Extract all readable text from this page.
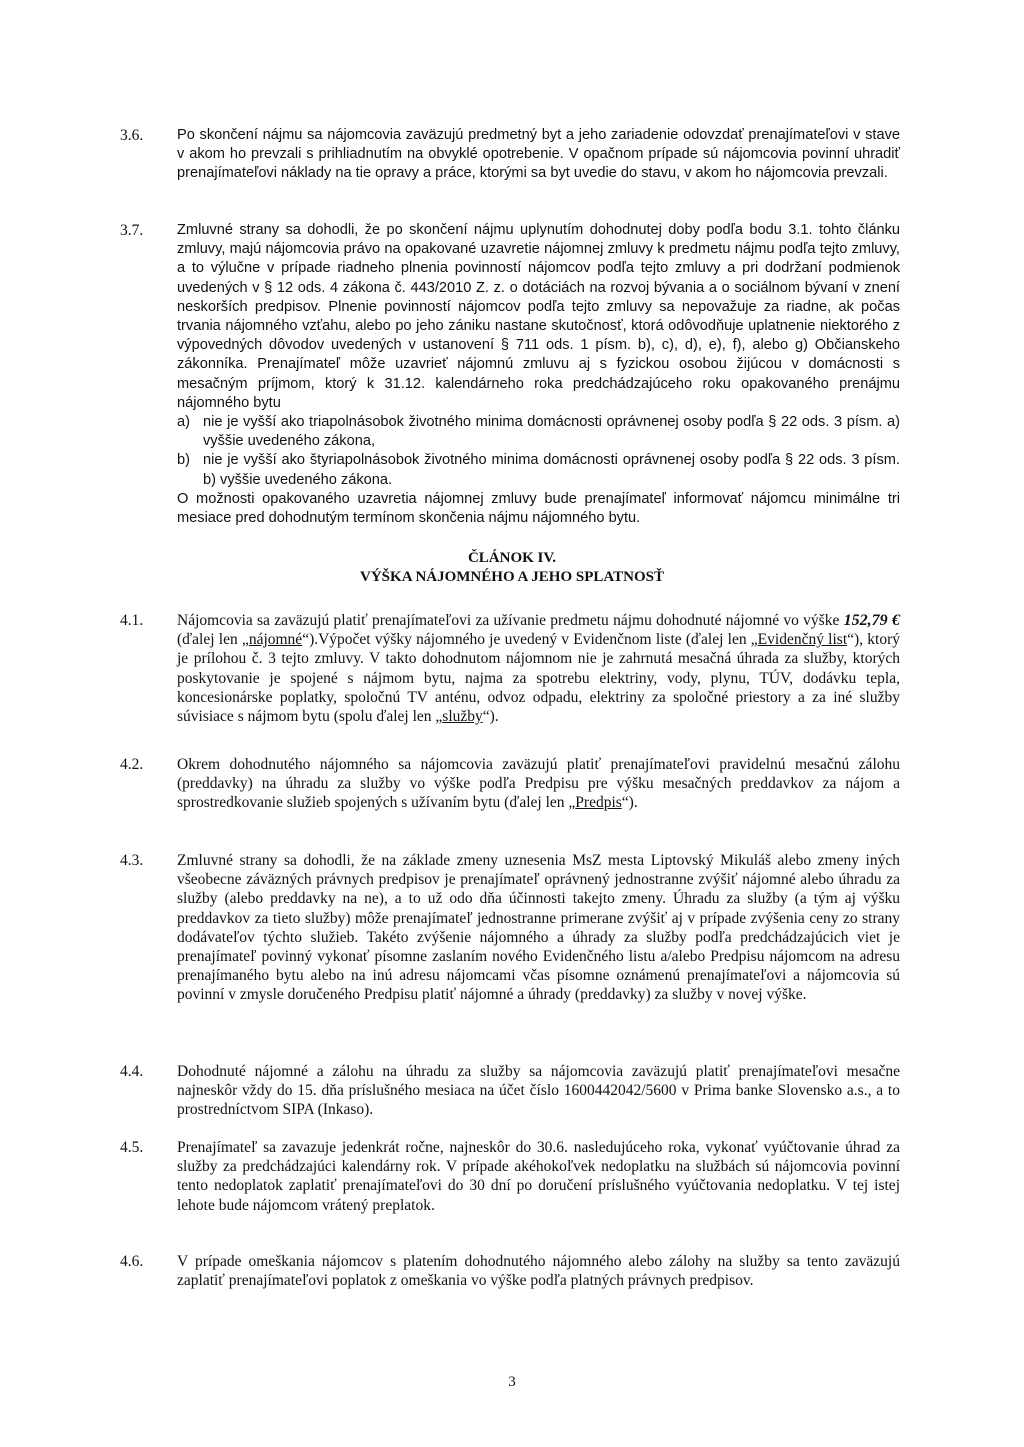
3.6.	Po skončení nájmu sa nájomcovia zaväzujú predmetný byt a jeho zariadenie odovzdať prenajímateľovi v stave v akom ho prevzali s prihliadnutím na obvyklé opotrebenie. V opačnom prípade sú nájomcovia povinní uhradiť prenajímateľovi náklady na tie opravy a práce, ktorými sa byt uvedie do stavu, v akom ho nájomcovia prevzali.
3.7.	Zmluvné strany sa dohodli, že po skončení nájmu uplynutím dohodnutej doby podľa bodu 3.1. tohto článku zmluvy, majú nájomcovia právo na opakované uzavretie nájomnej zmluvy k predmetu nájmu podľa tejto zmluvy, a to výlučne v prípade riadneho plnenia povinností nájomcov podľa tejto zmluvy a pri dodržaní podmienok uvedených v § 12 ods. 4 zákona č. 443/2010 Z. z. o dotáciách na rozvoj bývania a o sociálnom bývaní v znení neskorších predpisov. Plnenie povinností nájomcov podľa tejto zmluvy sa nepovažuje za riadne, ak počas trvania nájomného vzťahu, alebo po jeho zániku nastane skutočnosť, ktorá odôvodňuje uplatnenie niektorého z výpovedných dôvodov uvedených v ustanovení § 711 ods. 1 písm. b), c), d), e), f), alebo g) Občianskeho zákonníka. Prenajímateľ môže uzavrieť nájomnú zmluvu aj s fyzickou osobou žijúcou v domácnosti s mesačným príjmom, ktorý k 31.12. kalendárneho roka predchádzajúceho roku opakovaného prenájmu nájomného bytu
a) nie je vyšší ako triapolnásobok životného minima domácnosti oprávnenej osoby podľa § 22 ods. 3 písm. a) vyššie uvedeného zákona,
b) nie je vyšší ako štyriapolnásobok životného minima domácnosti oprávnenej osoby podľa § 22 ods. 3 písm. b) vyššie uvedeného zákona.
O možnosti opakovaného uzavretia nájomnej zmluvy bude prenajímateľ informovať nájomcu minimálne tri mesiace pred dohodnutým termínom skončenia nájmu nájomného bytu.
ČLÁNOK IV.
VÝŠKA NÁJOMNÉHO A JEHO SPLATNOSŤ
4.1.	Nájomcovia sa zaväzujú platiť prenajímateľovi za užívanie predmetu nájmu dohodnuté nájomné vo výške 152,79 € (ďalej len „nájomné“).Výpočet výšky nájomného je uvedený v Evidenčnom liste (ďalej len „Evidenčný list“), ktorý je prílohou č. 3 tejto zmluvy. V takto dohodnutom nájomnom nie je zahrnutá mesačná úhrada za služby, ktorých poskytovanie je spojené s nájmom bytu, najma za spotrebu elektriny, vody, plynu, TÚV, dodávku tepla, koncesionárske poplatky, spoločnú TV anténu, odvoz odpadu, elektriny za spoločné priestory a za iné služby súvisiace s nájmom bytu (spolu ďalej len „služby“).
4.2.	Okrem dohodnutého nájomného sa nájomcovia zaväzujú platiť prenajímateľovi pravidelnú mesačnú zálohu (preddavky) na úhradu za služby vo výške podľa Predpisu pre výšku mesačných preddavkov za nájom a sprostredkovanie služieb spojených s užívaním bytu (ďalej len „Predpis“).
4.3.	Zmluvné strany sa dohodli, že na základe zmeny uznesenia MsZ mesta Liptovský Mikuláš alebo zmeny iných všeobecne záväzných právnych predpisov je prenajímateľ oprávnený jednostranne zvýšiť nájomné alebo úhradu za služby (alebo preddavky na ne), a to už odo dňa účinnosti takejto zmeny. Úhradu za služby (a tým aj výšku preddavkov za tieto služby) môže prenajímateľ jednostranne primerane zvýšiť aj v prípade zvýšenia ceny zo strany dodávateľov týchto služieb. Takéto zvýšenie nájomného a úhrady za služby podľa predchádzajúcich viet je prenajímateľ povinný vykonať písomne zaslaním nového Evidenčného listu a/alebo Predpisu nájomcom na adresu prenajímaného bytu alebo na inú adresu nájomcami včas písomne oznámenú prenajímateľovi a nájomcovia sú povinní v zmysle doručeného Predpisu platiť nájomné a úhrady (preddavky) za služby v novej výške.
4.4.	Dohodnuté nájomné a zálohu na úhradu za služby sa nájomcovia zaväzujú platiť prenajímateľovi mesačne najneskôr vždy do 15. dňa príslušného mesiaca na účet číslo 1600442042/5600 v Prima banke Slovensko a.s., a to prostredníctvom SIPA (Inkaso).
4.5.	Prenajímateľ sa zavazuje jedenkrát ročne, najneskôr do 30.6. nasledujúceho roka, vykonať vyúčtovanie úhrad za služby za predchádzajúci kalendárny rok. V prípade akéhokoľvek nedoplatku na službách sú nájomcovia povinní tento nedoplatok zaplatiť prenajímateľovi do 30 dní po doručení príslušného vyúčtovania nedoplatku. V tej istej lehote bude nájomcom vrátený preplatok.
4.6.	V prípade omeškania nájomcov s platením dohodnutého nájomného alebo zálohy na služby sa tento zaväzujú zaplatiť prenajímateľovi poplatok z omeškania vo výške podľa platných právnych predpisov.
3
